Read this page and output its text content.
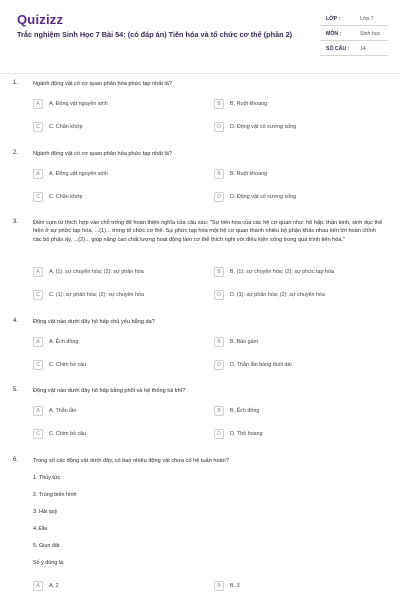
Quizizz
Trắc nghiệm Sinh Học 7 Bài 54: (có đáp án) Tiến hóa và tổ chức cơ thể (phần 2)
LỚP :	Lớp 7
MÔN :	Sinh học
SỐ CÂU : 14
1.	Ngành động vật có cơ quan phân hóa phức tạp nhất là?
A	A. Động vật nguyên sinh	B	B. Ruột khoang
C	C. Chân khớp	D	D. Động vật có xương sống
2.	Ngành động vật có cơ quan phân hóa phức tạp nhất là?
A	A. Động vật nguyên sinh	B	B. Ruột khoang
C	C. Chân khớp	D	D. Động vật có xương sống
3.	Điền cụm từ thích hợp vào chỗ trống để hoàn thiện nghĩa của câu sau: "Sự tiến hóa của các hệ cơ quan như: hô hấp, thần kinh, sinh dục thể hiện ở sự phức tạp hóa, ...(1)... trong tổ chức cơ thể. Sự phức tạp hóa một hệ cơ quan thành nhiều bộ phận khác nhau tiến tới hoàn chỉnh các bộ phận ấy, ...(2)... giúp năng cao chất lượng hoạt động làm cơ thể thích nghi với điều kiện sống trong quá trình tiến hóa."
A	A. (1): sự chuyên hóa; (2): sự phân hóa	B	B. (1): sự chuyên hóa; (2): sự phức tạp hóa
C	C. (1): sự phân hóa; (2): sự chuyên hóa	D	D. (1): sự phân hóa; (2): sự chuyên hóa
4.	Động vật nào dưới đây hô hấp chủ yếu bằng da?
A	A. Ếch đồng	B	B. Bào gấm
C	C. Chim bồ câu	D	D. Thằn lằn bóng đuôi dài
5.	Động vật nào dưới đây hô hấp bằng phổi và hệ thống túi khí?
A	A. Thằn lằn	B	B. Ếch đồng
C	C. Chim bồ câu	D	D. Thỏ hoang
6.	Trong số các động vật dưới đây, có bao nhiêu động vật chưa có hệ tuần hoàn?
1. Thủy tức
2. Trùng biến hình
3. Hải quỳ
4. Đỉa
5. Giun đất
Số ý đúng là:
A	A. 2	B	B. 3
